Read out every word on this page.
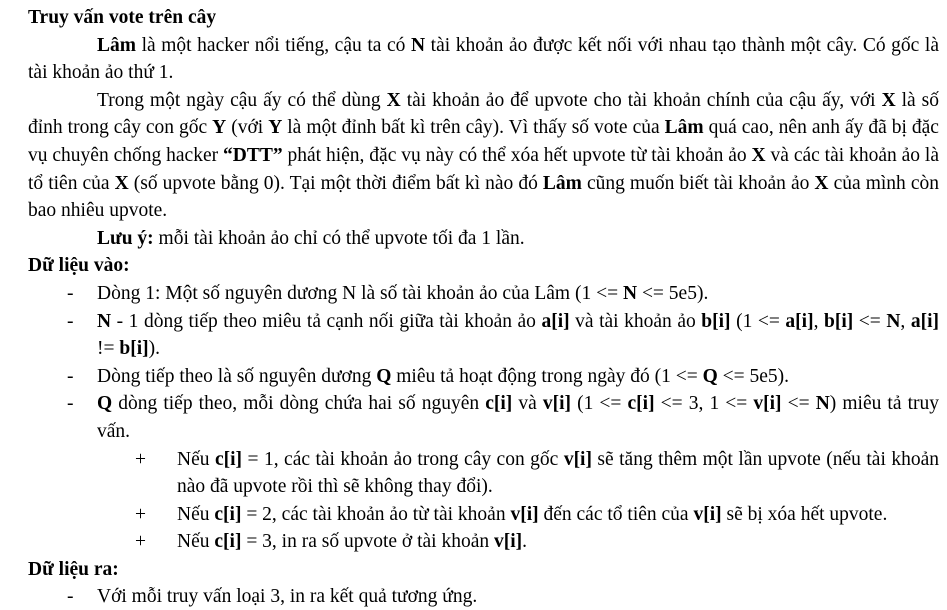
Truy vấn vote trên cây
Lâm là một hacker nổi tiếng, cậu ta có N tài khoản ảo được kết nối với nhau tạo thành một cây. Có gốc là tài khoản ảo thứ 1.
Trong một ngày cậu ấy có thể dùng X tài khoản ảo để upvote cho tài khoản chính của cậu ấy, với X là số đỉnh trong cây con gốc Y (với Y là một đỉnh bất kì trên cây). Vì thấy số vote của Lâm quá cao, nên anh ấy đã bị đặc vụ chuyên chống hacker “DTT” phát hiện, đặc vụ này có thể xóa hết upvote từ tài khoản ảo X và các tài khoản ảo là tổ tiên của X (số upvote bằng 0). Tại một thời điểm bất kì nào đó Lâm cũng muốn biết tài khoản ảo X của mình còn bao nhiêu upvote.
Lưu ý: mỗi tài khoản ảo chỉ có thể upvote tối đa 1 lần.
Dữ liệu vào:
- Dòng 1: Một số nguyên dương N là số tài khoản ảo của Lâm (1 <= N <= 5e5).
- N - 1 dòng tiếp theo miêu tả cạnh nối giữa tài khoản ảo a[i] và tài khoản ảo b[i] (1 <= a[i], b[i] <= N, a[i] != b[i]).
- Dòng tiếp theo là số nguyên dương Q miêu tả hoạt động trong ngày đó (1 <= Q <= 5e5).
- Q dòng tiếp theo, mỗi dòng chứa hai số nguyên c[i] và v[i] (1 <= c[i] <= 3, 1 <= v[i] <= N) miêu tả truy vấn.
+ Nếu c[i] = 1, các tài khoản ảo trong cây con gốc v[i] sẽ tăng thêm một lần upvote (nếu tài khoản nào đã upvote rồi thì sẽ không thay đổi).
+ Nếu c[i] = 2, các tài khoản ảo từ tài khoản v[i] đến các tổ tiên của v[i] sẽ bị xóa hết upvote.
+ Nếu c[i] = 3, in ra số upvote ở tài khoản v[i].
Dữ liệu ra:
- Với mỗi truy vấn loại 3, in ra kết quả tương ứng.
